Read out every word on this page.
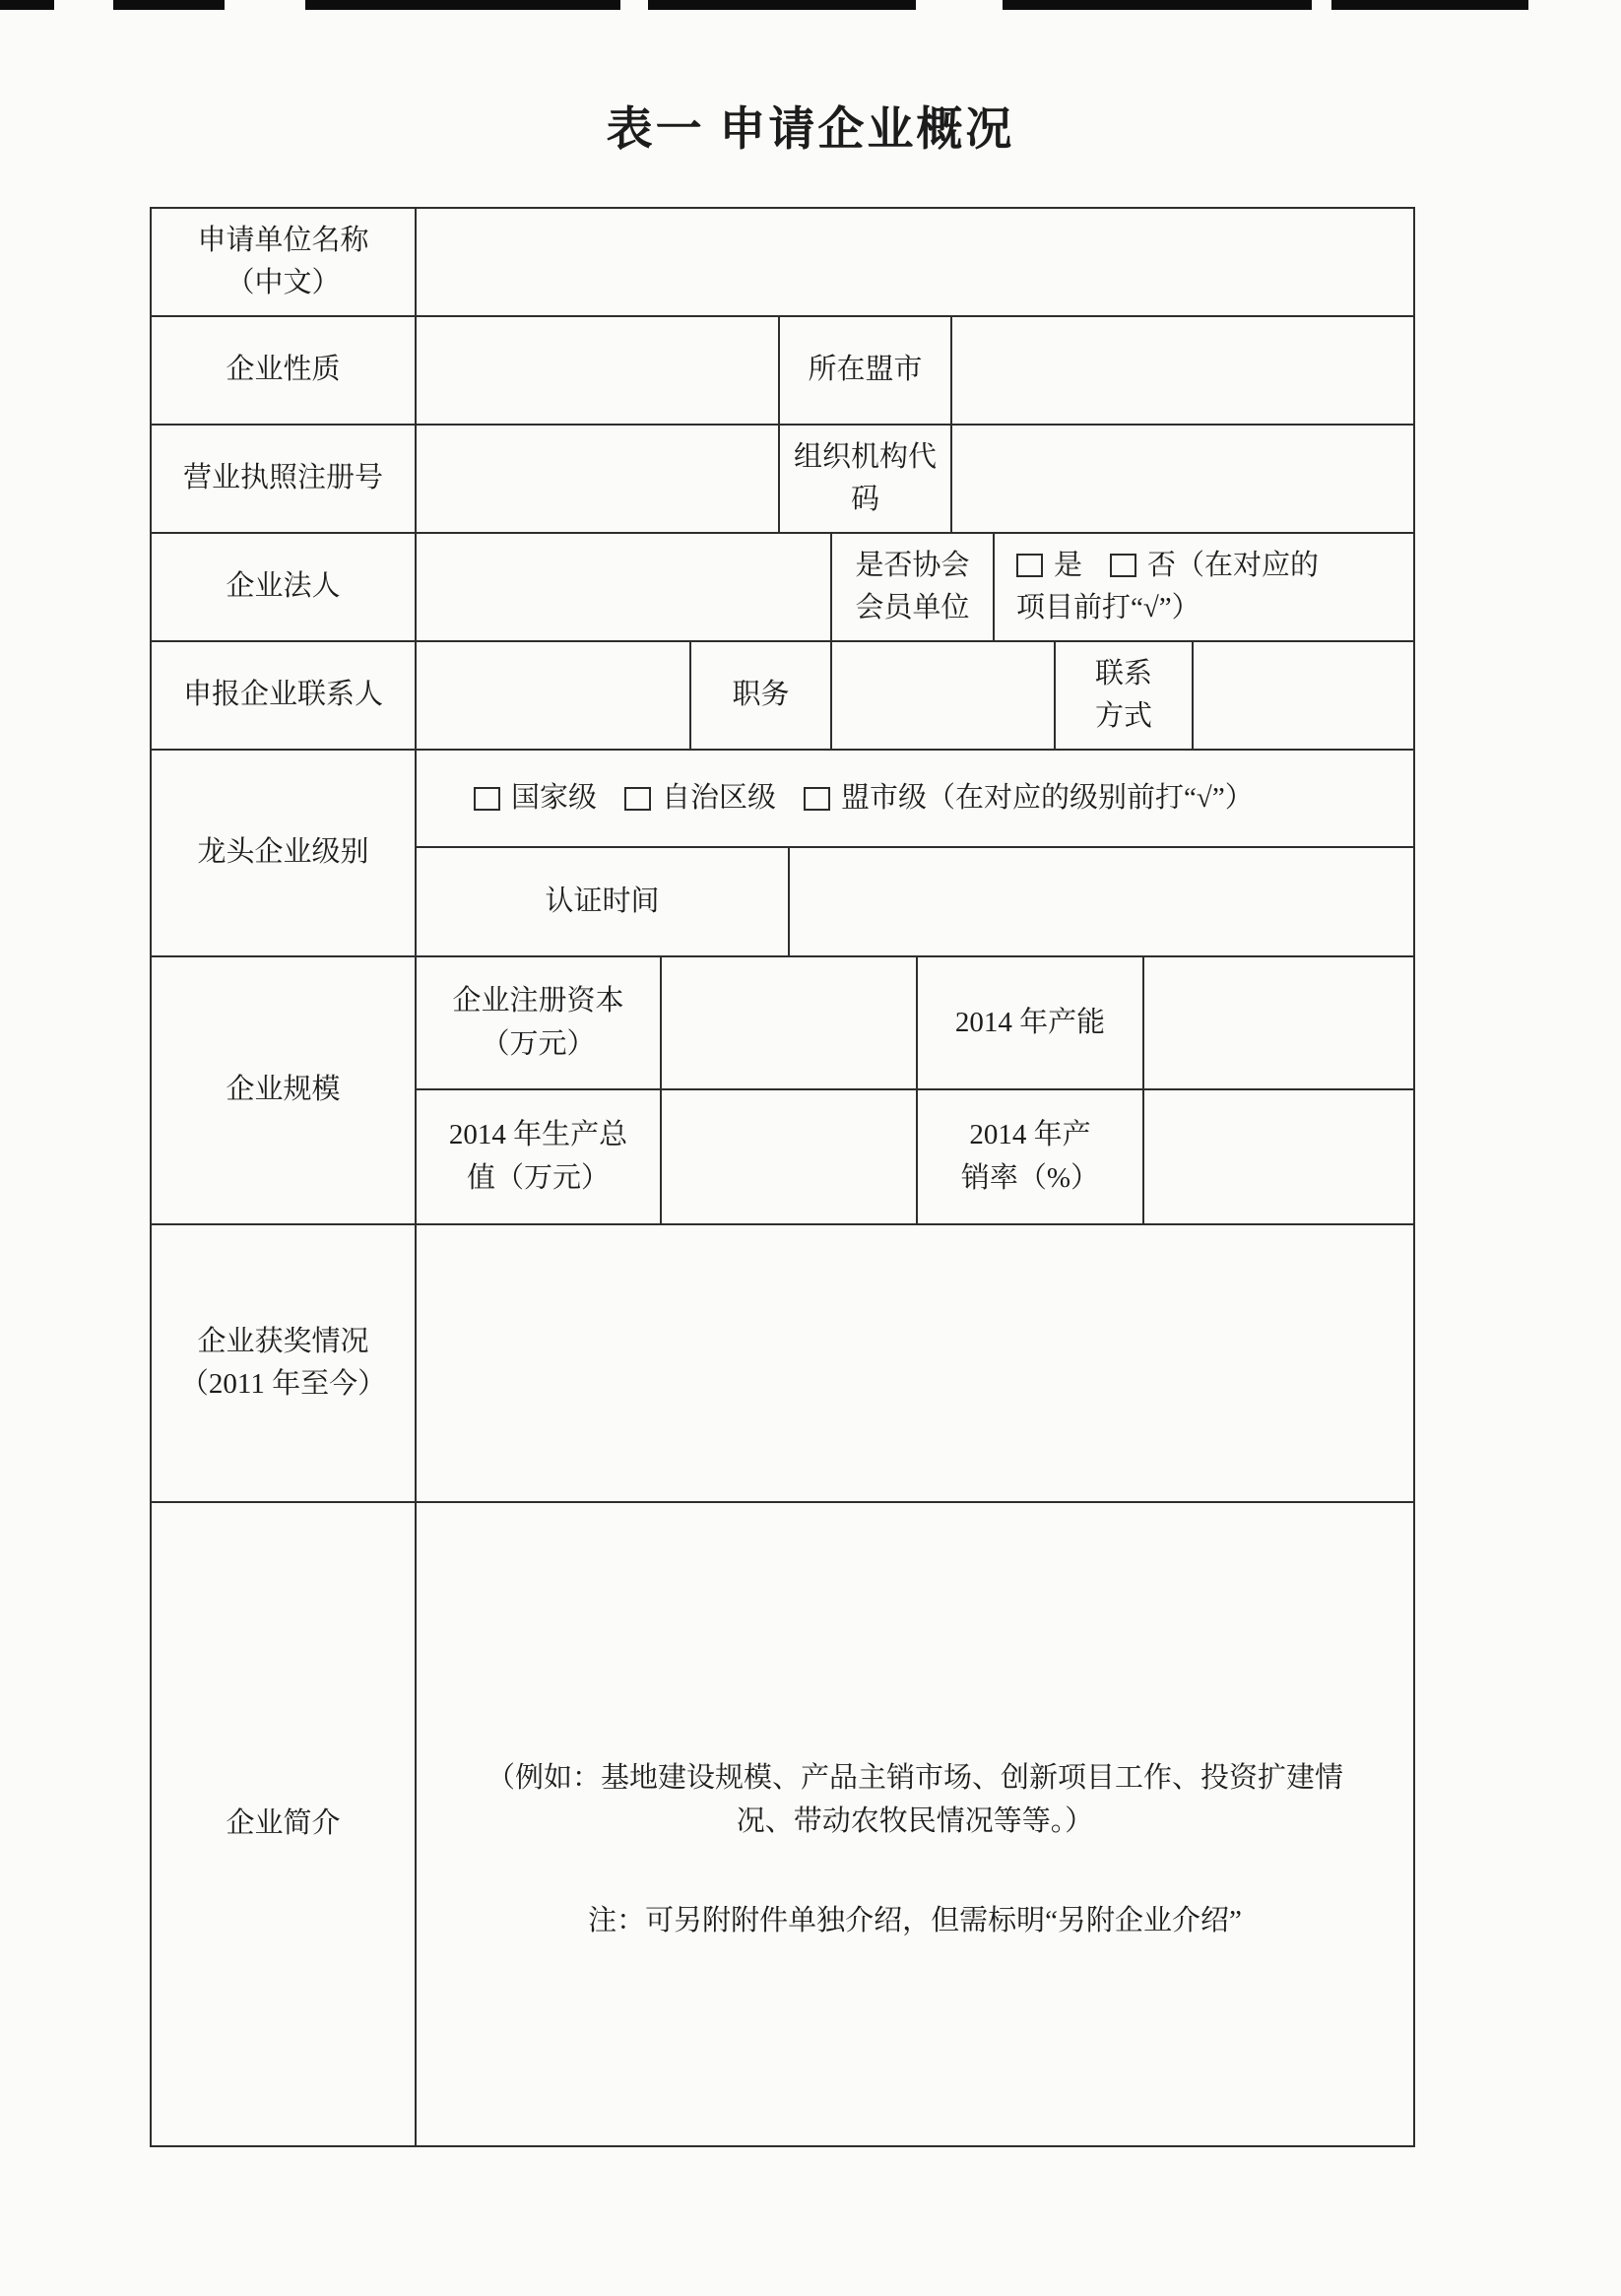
表一 申请企业概况
申请单位名称
（中文）
企业性质	所在盟市
营业执照注册号
组织机构代码
企业法人
是否协会
会员单位
是 否（在对应的
项目前打“√”）
申报企业联系人	职务
联系
方式
龙头企业级别
国家级 自治区级 盟市级 （在对应的级别前打“√”）
认证时间
企业规模
企业注册资本
（万元）
2014 年产能
2014 年生产总
值（万元）
2014 年产
销率（%）
企业获奖情况
（2011 年至今）
企业简介
（例如：基地建设规模、产品主销市场、创新项目工作、投资扩建情
况、带动农牧民情况等等。）
注：可另附附件单独介绍，但需标明“另附企业介绍”
